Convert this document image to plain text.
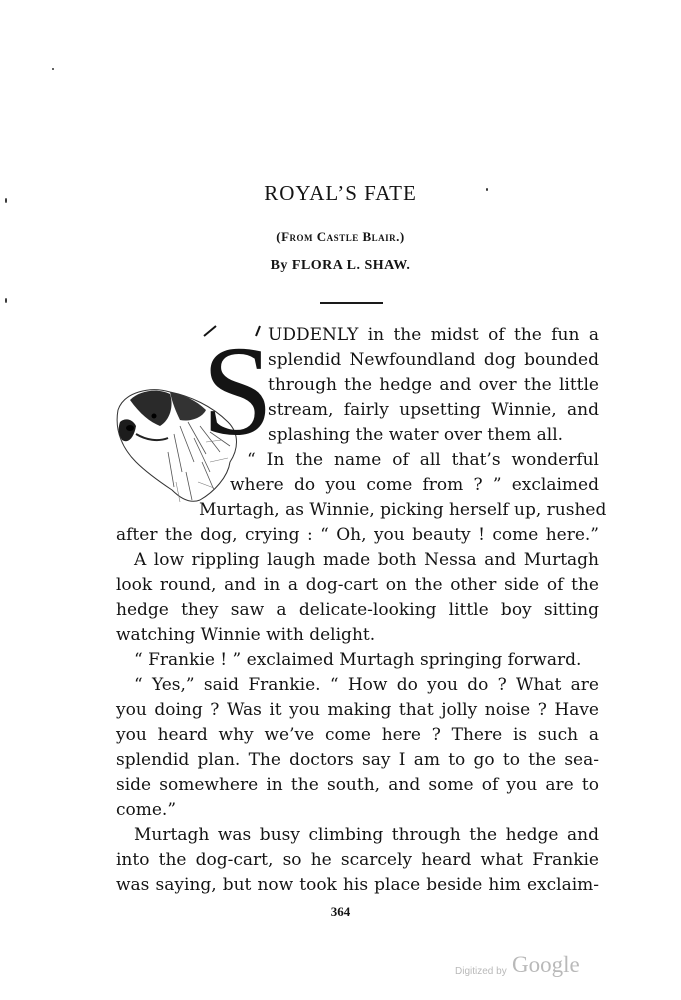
ROYAL’S FATE
(From Castle Blair.)
By FLORA L. SHAW.
S
UDDENLY in the midst of the fun a
splendid Newfoundland dog bounded
through the hedge and over the little
stream, fairly upsetting Winnie, and
splashing the water over them all.
“ In the name of all that’s wonderful
where do you come from ? ” exclaimed
Murtagh, as Winnie, picking herself up, rushed
after the dog, crying : “ Oh, you beauty ! come here.”
A low rippling laugh made both Nessa and Murtagh
look round, and in a dog-cart on the other side of the
hedge they saw a delicate-looking little boy sitting
watching Winnie with delight.
“ Frankie ! ” exclaimed Murtagh springing forward.
“ Yes,” said Frankie. “ How do you do ? What are
you doing ? Was it you making that jolly noise ? Have
you heard why we’ve come here ? There is such a
splendid plan. The doctors say I am to go to the sea-
side somewhere in the south, and some of you are to
come.”
Murtagh was busy climbing through the hedge and
into the dog-cart, so he scarcely heard what Frankie
was saying, but now took his place beside him exclaim-
364
Digitized by Google
